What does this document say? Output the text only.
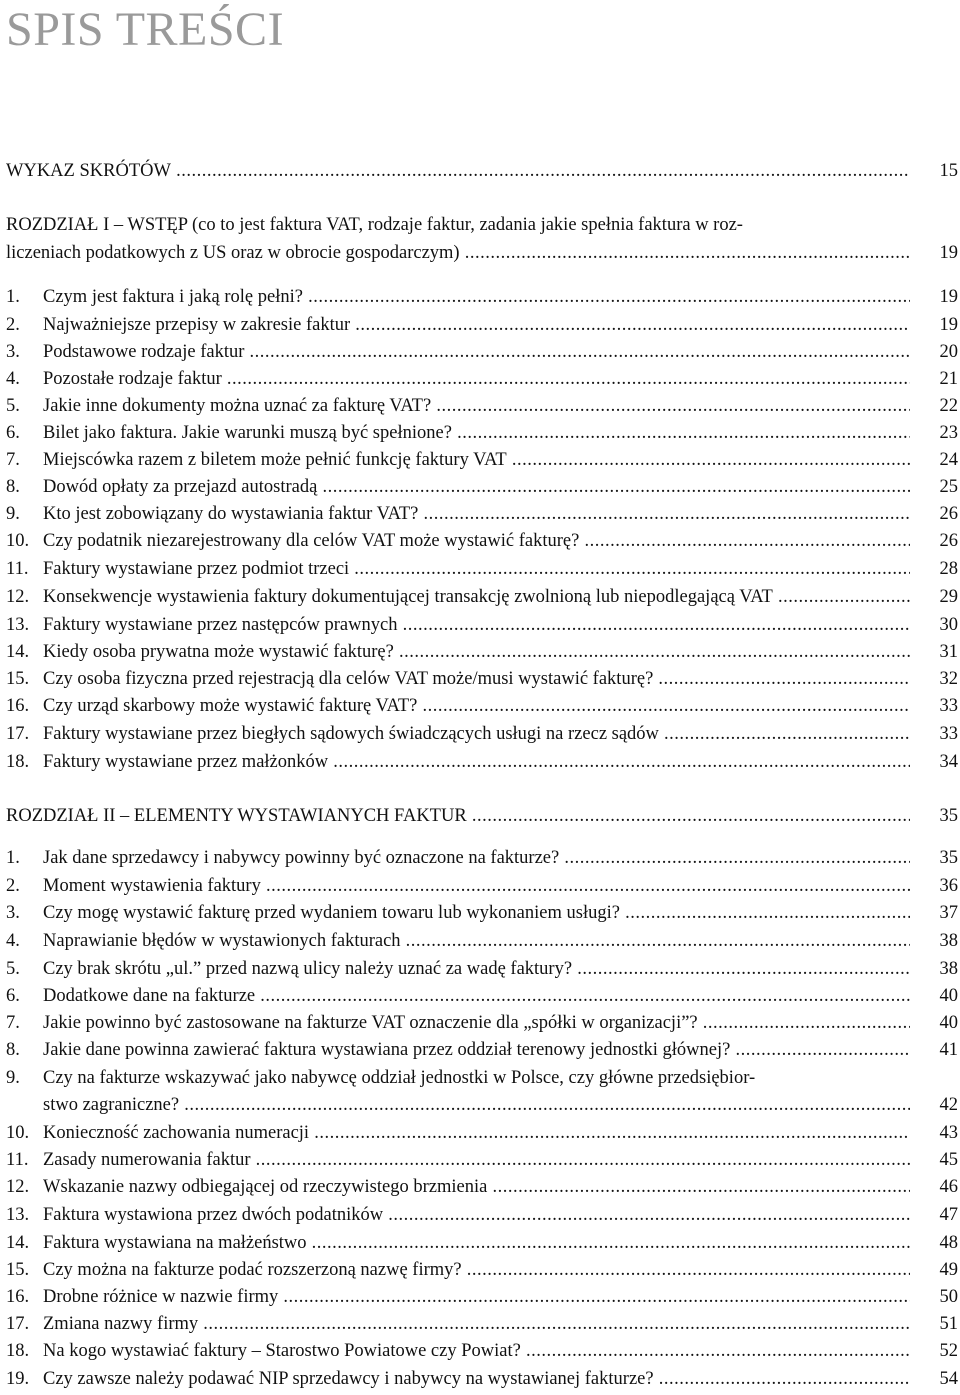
SPIS TREŚCI
WYKAZ SKRÓTÓW .....	15
ROZDZIAŁ I – WSTĘP (co to jest faktura VAT, rodzaje faktur, zadania jakie spełnia faktura w roz-
liczeniach podatkowych z US oraz w obrocie gospodarczym) .....	19
1.	Czym jest faktura i jaką rolę pełni? .....	19
2.	Najważniejsze przepisy w zakresie faktur .....	19
3.	Podstawowe rodzaje faktur .....	20
4.	Pozostałe rodzaje faktur .....	21
5.	Jakie inne dokumenty można uznać za fakturę VAT? .....	22
6.	Bilet jako faktura. Jakie warunki muszą być spełnione? .....	23
7.	Miejscówka razem z biletem może pełnić funkcję faktury VAT .....	24
8.	Dowód opłaty za przejazd autostradą .....	25
9.	Kto jest zobowiązany do wystawiania faktur VAT? .....	26
10. Czy podatnik niezarejestrowany dla celów VAT może wystawić fakturę? .....	26
11. Faktury wystawiane przez podmiot trzeci .....	28
12. Konsekwencje wystawienia faktury dokumentującej transakcję zwolnioną lub niepodlegającą VAT .....	29
13. Faktury wystawiane przez następców prawnych .....	30
14. Kiedy osoba prywatna może wystawić fakturę? .....	31
15. Czy osoba fizyczna przed rejestracją dla celów VAT może/musi wystawić fakturę? .....	32
16. Czy urząd skarbowy może wystawić fakturę VAT? .....	33
17. Faktury wystawiane przez biegłych sądowych świadczących usługi na rzecz sądów .....	33
18. Faktury wystawiane przez małżonków .....	34
ROZDZIAŁ II – ELEMENTY WYSTAWIANYCH FAKTUR .....	35
1.	Jak dane sprzedawcy i nabywcy powinny być oznaczone na fakturze? .....	35
2.	Moment wystawienia faktury .....	36
3.	Czy mogę wystawić fakturę przed wydaniem towaru lub wykonaniem usługi? .....	37
4.	Naprawianie błędów w wystawionych fakturach .....	38
5.	Czy brak skrótu „ul.” przed nazwą ulicy należy uznać za wadę faktury? .....	38
6.	Dodatkowe dane na fakturze .....	40
7.	Jakie powinno być zastosowane na fakturze VAT oznaczenie dla „spółki w organizacji”? .....	40
8.	Jakie dane powinna zawierać faktura wystawiana przez oddział terenowy jednostki głównej? .....	41
9.	Czy na fakturze wskazywać jako nabywcę oddział jednostki w Polsce, czy główne przedsiębior-
stwo zagraniczne? .....	42
10. Konieczność zachowania numeracji .....	43
11. Zasady numerowania faktur .....	45
12. Wskazanie nazwy odbiegającej od rzeczywistego brzmienia .....	46
13. Faktura wystawiona przez dwóch podatników .....	47
14. Faktura wystawiana na małżeństwo .....	48
15. Czy można na fakturze podać rozszerzoną nazwę firmy? .....	49
16. Drobne różnice w nazwie firmy .....	50
17. Zmiana nazwy firmy .....	51
18. Na kogo wystawiać faktury – Starostwo Powiatowe czy Powiat? .....	52
19. Czy zawsze należy podawać NIP sprzedawcy i nabywcy na wystawianej fakturze? .....	54
